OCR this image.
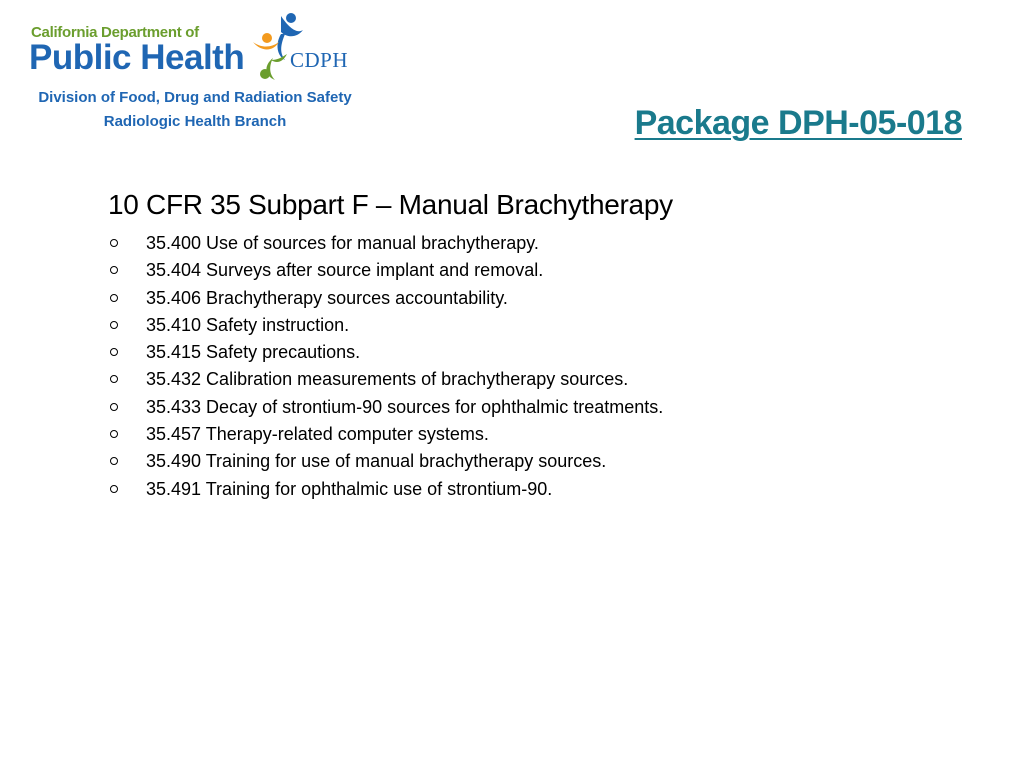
California Department of
Public Health CDPH
Division of Food, Drug and Radiation Safety
Radiologic Health Branch	Package DPH-05-018
10 CFR 35 Subpart F – Manual Brachytherapy
35.400 Use of sources for manual brachytherapy.
35.404 Surveys after source implant and removal.
35.406 Brachytherapy sources accountability.
35.410 Safety instruction.
35.415 Safety precautions.
35.432 Calibration measurements of brachytherapy sources.
35.433 Decay of strontium-90 sources for ophthalmic treatments.
35.457 Therapy-related computer systems.
35.490 Training for use of manual brachytherapy sources.
35.491 Training for ophthalmic use of strontium-90.
